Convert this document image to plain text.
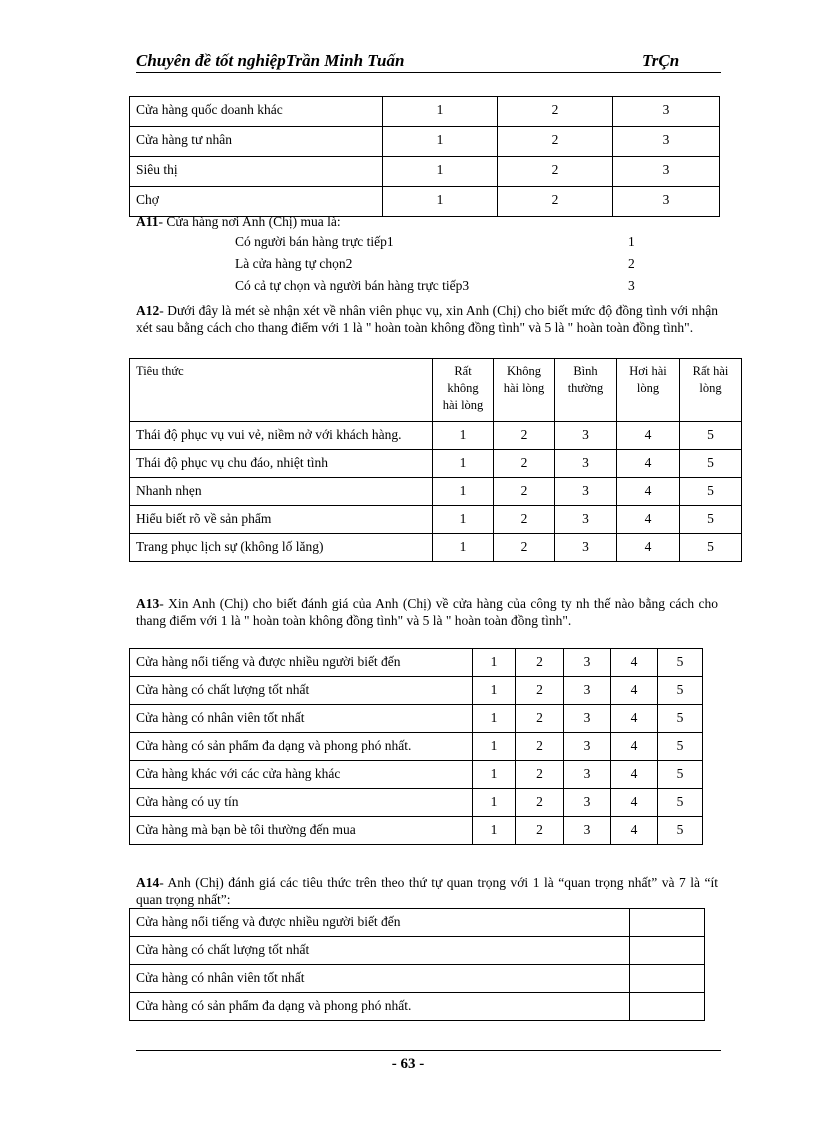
Chuyên đề tốt nghiệpTrần Minh Tuấn	TrÇn
Cửa hàng quốc doanh khác	1	2	3
Cửa hàng tư nhân	1	2	3
Siêu thị	1	2	3
Chợ	1	2	3
A11- Cửa hàng nơi Anh (Chị) mua là:
Có người bán hàng trực tiếp1	1
Là cửa hàng tự chọn2	2
Có cả tự chọn và người bán hàng trực tiếp3	3
A12- Dưới đây là mét sè nhận xét về nhân viên phục vụ, xin Anh (Chị) cho biết mức độ đồng tình với nhận xét sau bằng cách cho thang điểm với 1 là " hoàn toàn không đồng tình" và 5 là " hoàn toàn đồng tình".
Tiêu thức	Rất không hài lòng	Không hài lòng	Bình thường	Hơi hài lòng	Rất hài lòng
Thái độ phục vụ vui vẻ, niềm nở với khách hàng.	1	2	3	4	5
Thái độ phục vụ chu đáo, nhiệt tình	1	2	3	4	5
Nhanh nhẹn	1	2	3	4	5
Hiểu biết rõ về sản phẩm	1	2	3	4	5
Trang phục lịch sự (không lố lăng)	1	2	3	4	5
A13- Xin Anh (Chị) cho biết đánh giá của Anh (Chị) về cửa hàng của công ty nh thế nào bằng cách cho thang điểm với 1 là " hoàn toàn không đồng tình" và 5 là " hoàn toàn đồng tình".
Cửa hàng nổi tiếng và được nhiều người biết đến	1	2	3	4	5
Cửa hàng có chất lượng tốt nhất	1	2	3	4	5
Cửa hàng có nhân viên tốt nhất	1	2	3	4	5
Cửa hàng có sản phẩm đa dạng và phong phó nhất.	1	2	3	4	5
Cửa hàng khác với các cửa hàng khác	1	2	3	4	5
Cửa hàng có uy tín	1	2	3	4	5
Cửa hàng mà bạn bè tôi thường đến mua	1	2	3	4	5
A14- Anh (Chị) đánh giá các tiêu thức trên theo thứ tự quan trọng với 1 là “quan trọng nhất” và 7 là “ít quan trọng nhất”:
Cửa hàng nổi tiếng và được nhiều người biết đến	
Cửa hàng có chất lượng tốt nhất	
Cửa hàng có nhân viên tốt nhất	
Cửa hàng có sản phẩm đa dạng và phong phó nhất.	
- 63 -
